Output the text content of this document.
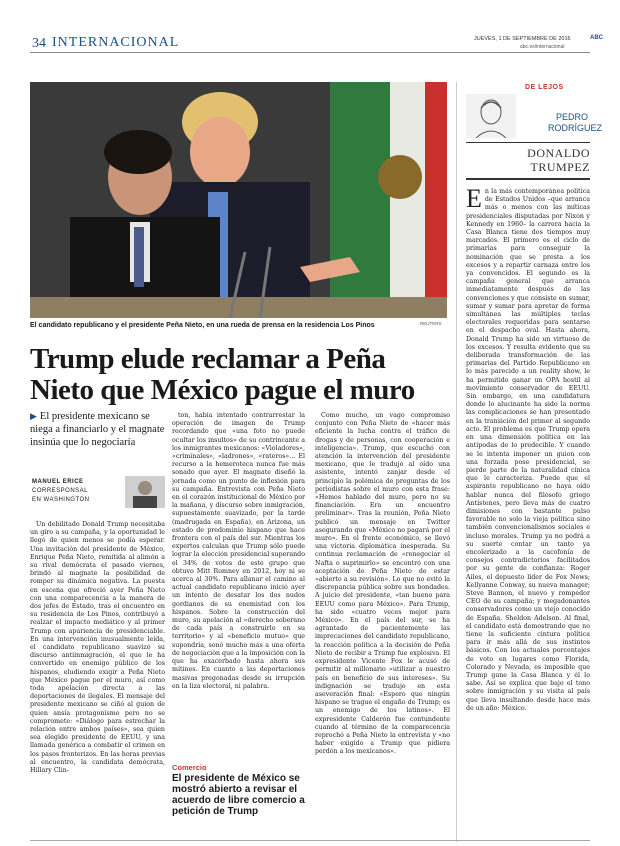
34 INTERNACIONAL	JUEVES, 1 DE SEPTIEMBRE DE 2016	ABC
abc.es/internacional
El candidato republicano y el presidente Peña Nieto, en una rueda de prensa en la residencia Los Pinos	REUTERS
Trump elude reclamar a Peña Nieto que México pague el muro
▶ El presidente mexicano se niega a financiarlo y el magnate insinúa que lo negociaría
MANUEL ERICE
CORRESPONSAL
EN WASHINGTON

Un debilitado Donald Trump necesitaba un giro a su campaña, y la oportunidad le llegó de quien menos se podía esperar. Una invitación del presidente de México, Enrique Peña Nieto, remitida al alimón a su rival demócrata el pasado viernes, brindó al magnate la posibilidad de romper su dinámica negativa. La puesta en escena que ofreció ayer Peña Nieto con una comparecencia a la manera de dos jefes de Estado, tras el encuentro en su residencia de Los Pinos, contribuyó a realzar el impacto mediático y al primer Trump con apariencia de presidenciable. En una intervención inusualmente leída, el candidato republicano suavizó su discurso antiinmigración, el que le ha convertido en enemigo público de los hispanos, eludiendo exigir a Peña Nieto que México pague por el muro, así como toda apelación directa a las deportaciones de ilegales. El mensaje del presidente mexicano se ciñó al guion de quien ansía protagonismo pero no se compromete: «Diálogo para estrechar la relación entre ambos países», sea quien sea elegido presidente de EEUU, y una llamada genérica a combatir el crimen en los pasos fronterizos. En las horas previas al encuentro, la candidata demócrata, Hillary Clin-

ton, había intentado contrarrestar la operación de imagen de Trump recordando que «una foto no puede ocultar los insultos» de su contrincante a los inmigrantes mexicanos: «Violadores», «criminales», «ladrones», «rateros»... El recurso a la hemeroteca nunca fue más sonado que ayer. El magnate diseñó la jornada como un punto de inflexión para su campaña. Entrevista con Peña Nieto en el corazón institucional de México por la mañana, y discurso sobre inmigración, supuestamente suavizado, por la tarde (madrugada en España), en Arizona, un estado de predominio hispano que hace frontera con el país del sur. Mientras los expertos calculan que Trump sólo puede lograr la elección presidencial superando el 34% de votos de este grupo que obtuvo Mitt Romney en 2012, hoy ni se acerca al 30%. Para allanar el camino al actual candidato republicano inició ayer un intento de desatar los dos nudos gordianos de su enemistad con los hispanos. Sobre la construcción del muro, su apelación al «derecho soberano de cada país a construirlo en su territorio» y al «beneficio mutuo» que supondría, sonó mucho más a una oferta de negociación que a la imposición con la que ha exacerbado hasta ahora sus mítines. En cuanto a las deportaciones masivas pregonadas desde su irrupción en la liza electoral, ni palabra.

Como mucho, un vago compromiso conjunto con Peña Nieto de «hacer más eficiente la lucha contra el tráfico de drogas y de personas, con cooperación e inteligencia». Trump, que escuchó con atención la intervención del presidente mexicano, que le tradujo al oído una asistente, intentó zanjar desde el principio la polémica de preguntas de los periodistas sobre el muro con esta frase: «Hemos hablado del muro, pero no su financiación. Era un encuentro preliminar». Tras la reunión, Peña Nieto publicó un mensaje en Twitter asegurando que «México no pagará por el muro». En el frente económico, se llevó una victoria diplomática inesperada. Su continua reclamación de «renegociar el Nafta o suprimirlo» se encontró con una aceptación de Peña Nieto de estar «abierto a su revisión». Lo que no evitó la discrepancia pública sobre sus bondades. A juicio del presidente, «tan bueno para EEUU como para México». Para Trump, ha sido «cuatro veces mejor para México». En el país del sur, se ha agrantado de pacientemente las imprecaciones del candidato republicano, la reacción política a la decisión de Peña Nieto de recibir a Trump fue explosiva. El expresidente Vicente Fox le acusó de permitir al millonario «utilizar a nuestro país en beneficio de sus intereses». Su indignación se tradujo en esta aseveración final: «Espero que ningún hispano se trague el engaño de Trump; es un enemigo de los latinos». El expresidente Calderón fue contundente cuando al término de la comparecencia reprochó a Peña Nieto la entrevista y «no haber exigido a Trump que pidiera perdón a los mexicanos».

Comercio
El presidente de México se mostró abierto a revisar el acuerdo de libre comercio a petición de Trump
DE LEJOS
PEDRO
RODRÍGUEZ
DONALDO TRUMPEZ
En la más contemporánea política de Estados Unidos –que arranca más o menos con las míticas presidenciales disputadas por Nixon y Kennedy en 1960– la carrera hacia la Casa Blanca tiene dos tiempos muy marcados. El primero es el ciclo de primarias para conseguir la nominación que se presta a los excesos y a repartir carnaza entre los ya convencidos. El segundo es la campaña general que arranca inmediatamente después de las convenciones y que consiste en sumar, sumar y sumar para apretar de forma simultánea las múltiples teclas electorales requeridas para sentarse en el despacho oval. Hasta ahora, Donald Trump ha sido un virtuoso de los excesos. Y resulta evidente que su deliberada transformación de las primarias del Partido Republicano en lo más parecido a un reality show, le ha permitido ganar un OPA hostil al movimiento conservador de EEUU. Sin embargo, en una candidatura donde lo alucinante ha sido la norma las complicaciones se han presentado en la transición del primer al segundo acto. El problema es que Trump opera en una dimensión política en las antípodas de lo predecible. Y cuando se le intenta imponer un guion con una forzada pose presidencial, se pierde parte de la naturalidad cínica que le caracteriza. Puede que el aspirante republicano no haya oído hablar nunca del filósofo griego Antístenes, pero lleva más de cuatro dimisiones con bastante pulso favorable no solo la vieja política sino también convencionalismos sociales e incluso morales. Trump ya no podrá a su suerte contar un tanto ya encolerizado a la cacofonía de consejos contradictorios facilitados por su gente de confianza: Roger Ailes, el depuesto líder de Fox News; Kellyanne Conway, su nueva manager; Steve Bannon, el nuevo y rompedor CEO de su campaña; y megadonantes conservadores como un viejo conocido de España, Sheldon Adelson. Al final, el candidato está demostrando que no tiene la suficiente cintura política para ir más allá de sus instintos básicos. Con los actuales porcentajes de voto en lugares como Florida, Colorado y Nevada, es imposible que Trump gane la Casa Blanca y él lo sabe. Así se explica que bajo el tono sobre inmigración y su visita al país que lleva insultando desde hace más de un año: México.
